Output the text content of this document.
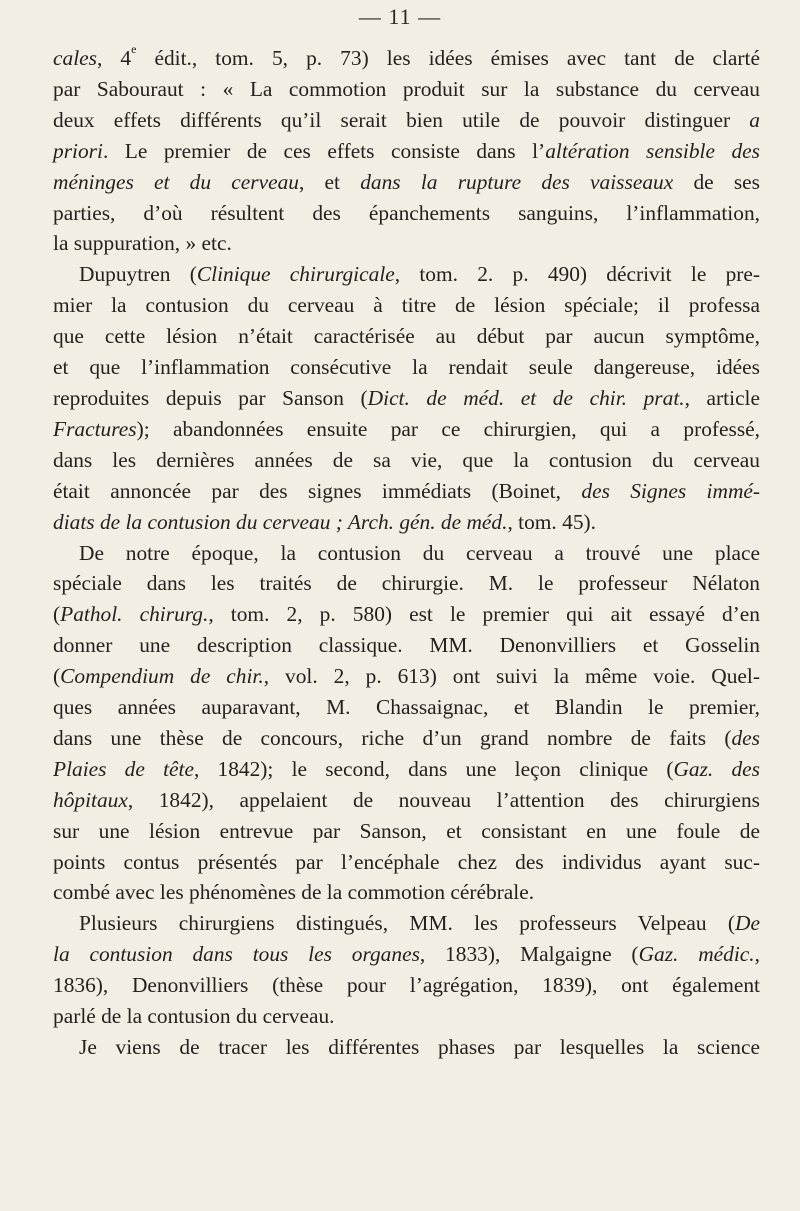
— 11 —
cales, 4e édit., tom. 5, p. 73) les idées émises avec tant de clarté
par Sabouraut : « La commotion produit sur la substance du cerveau
deux effets différents qu’il serait bien utile de pouvoir distinguer a
priori. Le premier de ces effets consiste dans l’altération sensible des
méninges et du cerveau, et dans la rupture des vaisseaux de ses
parties, d’où résultent des épanchements sanguins, l’inflammation,
la suppuration, » etc.
Dupuytren (Clinique chirurgicale, tom. 2. p. 490) décrivit le pre-
mier la contusion du cerveau à titre de lésion spéciale; il professa
que cette lésion n’était caractérisée au début par aucun symptôme,
et que l’inflammation consécutive la rendait seule dangereuse, idées
reproduites depuis par Sanson (Dict. de méd. et de chir. prat., article
Fractures); abandonnées ensuite par ce chirurgien, qui a professé,
dans les dernières années de sa vie, que la contusion du cerveau
était annoncée par des signes immédiats (Boinet, des Signes immé-
diats de la contusion du cerveau ; Arch. gén. de méd., tom. 45).
De notre époque, la contusion du cerveau a trouvé une place
spéciale dans les traités de chirurgie. M. le professeur Nélaton
(Pathol. chirurg., tom. 2, p. 580) est le premier qui ait essayé d’en
donner une description classique. MM. Denonvilliers et Gosselin
(Compendium de chir., vol. 2, p. 613) ont suivi la même voie. Quel-
ques années auparavant, M. Chassaignac, et Blandin le premier,
dans une thèse de concours, riche d’un grand nombre de faits (des
Plaies de tête, 1842); le second, dans une leçon clinique (Gaz. des
hôpitaux, 1842), appelaient de nouveau l’attention des chirurgiens
sur une lésion entrevue par Sanson, et consistant en une foule de
points contus présentés par l’encéphale chez des individus ayant suc-
combé avec les phénomènes de la commotion cérébrale.
Plusieurs chirurgiens distingués, MM. les professeurs Velpeau (De
la contusion dans tous les organes, 1833), Malgaigne (Gaz. médic.,
1836), Denonvilliers (thèse pour l’agrégation, 1839), ont également
parlé de la contusion du cerveau.
Je viens de tracer les différentes phases par lesquelles la science
